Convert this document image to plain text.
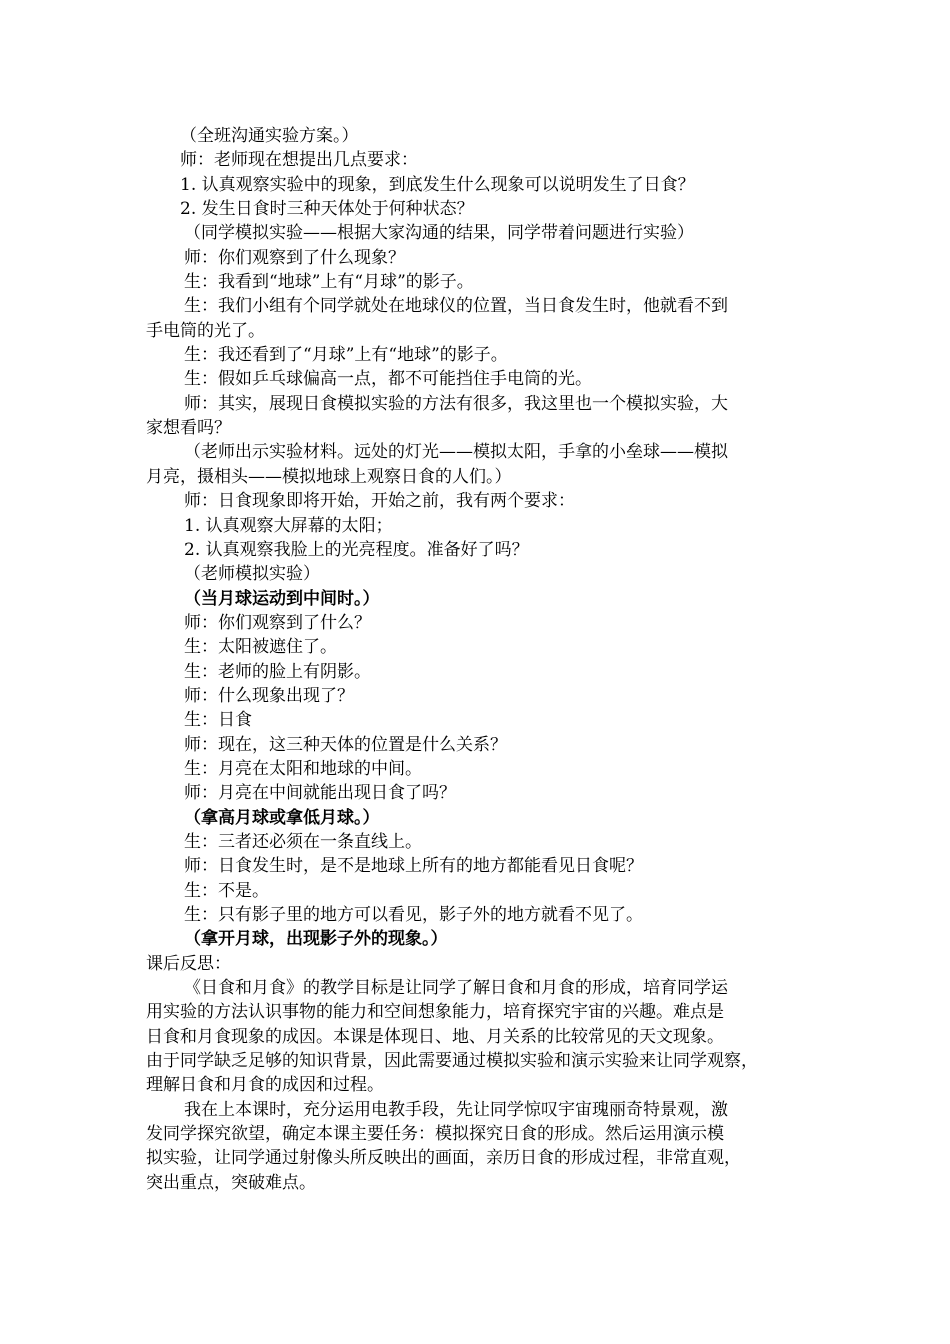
（全班沟通实验方案。）
师：老师现在想提出几点要求：
1. 认真观察实验中的现象，到底发生什么现象可以说明发生了日食？
2. 发生日食时三种天体处于何种状态？
（同学模拟实验——根据大家沟通的结果，同学带着问题进行实验）
师：你们观察到了什么现象？
生：我看到“地球”上有“月球”的影子。
生：我们小组有个同学就处在地球仪的位置，当日食发生时，他就看不到
手电筒的光了。
生：我还看到了“月球”上有“地球”的影子。
生：假如乒乓球偏高一点，都不可能挡住手电筒的光。
师：其实，展现日食模拟实验的方法有很多，我这里也一个模拟实验，大
家想看吗？
（老师出示实验材料。远处的灯光——模拟太阳，手拿的小垒球——模拟
月亮，摄相头——模拟地球上观察日食的人们。）
师：日食现象即将开始，开始之前，我有两个要求：
1. 认真观察大屏幕的太阳；
2. 认真观察我脸上的光亮程度。准备好了吗？
（老师模拟实验）
（当月球运动到中间时。）
师：你们观察到了什么？
生：太阳被遮住了。
生：老师的脸上有阴影。
师：什么现象出现了？
生：日食
师：现在，这三种天体的位置是什么关系？
生：月亮在太阳和地球的中间。
师：月亮在中间就能出现日食了吗？
（拿高月球或拿低月球。）
生：三者还必须在一条直线上。
师：日食发生时，是不是地球上所有的地方都能看见日食呢？
生：不是。
生：只有影子里的地方可以看见，影子外的地方就看不见了。
（拿开月球，出现影子外的现象。）
课后反思：
《日食和月食》的教学目标是让同学了解日食和月食的形成，培育同学运
用实验的方法认识事物的能力和空间想象能力，培育探究宇宙的兴趣。难点是
日食和月食现象的成因。本课是体现日、地、月关系的比较常见的天文现象。
由于同学缺乏足够的知识背景，因此需要通过模拟实验和演示实验来让同学观察，
理解日食和月食的成因和过程。
我在上本课时，充分运用电教手段，先让同学惊叹宇宙瑰丽奇特景观，激
发同学探究欲望，确定本课主要任务：模拟探究日食的形成。然后运用演示模
拟实验，让同学通过射像头所反映出的画面，亲历日食的形成过程，非常直观，
突出重点，突破难点。
